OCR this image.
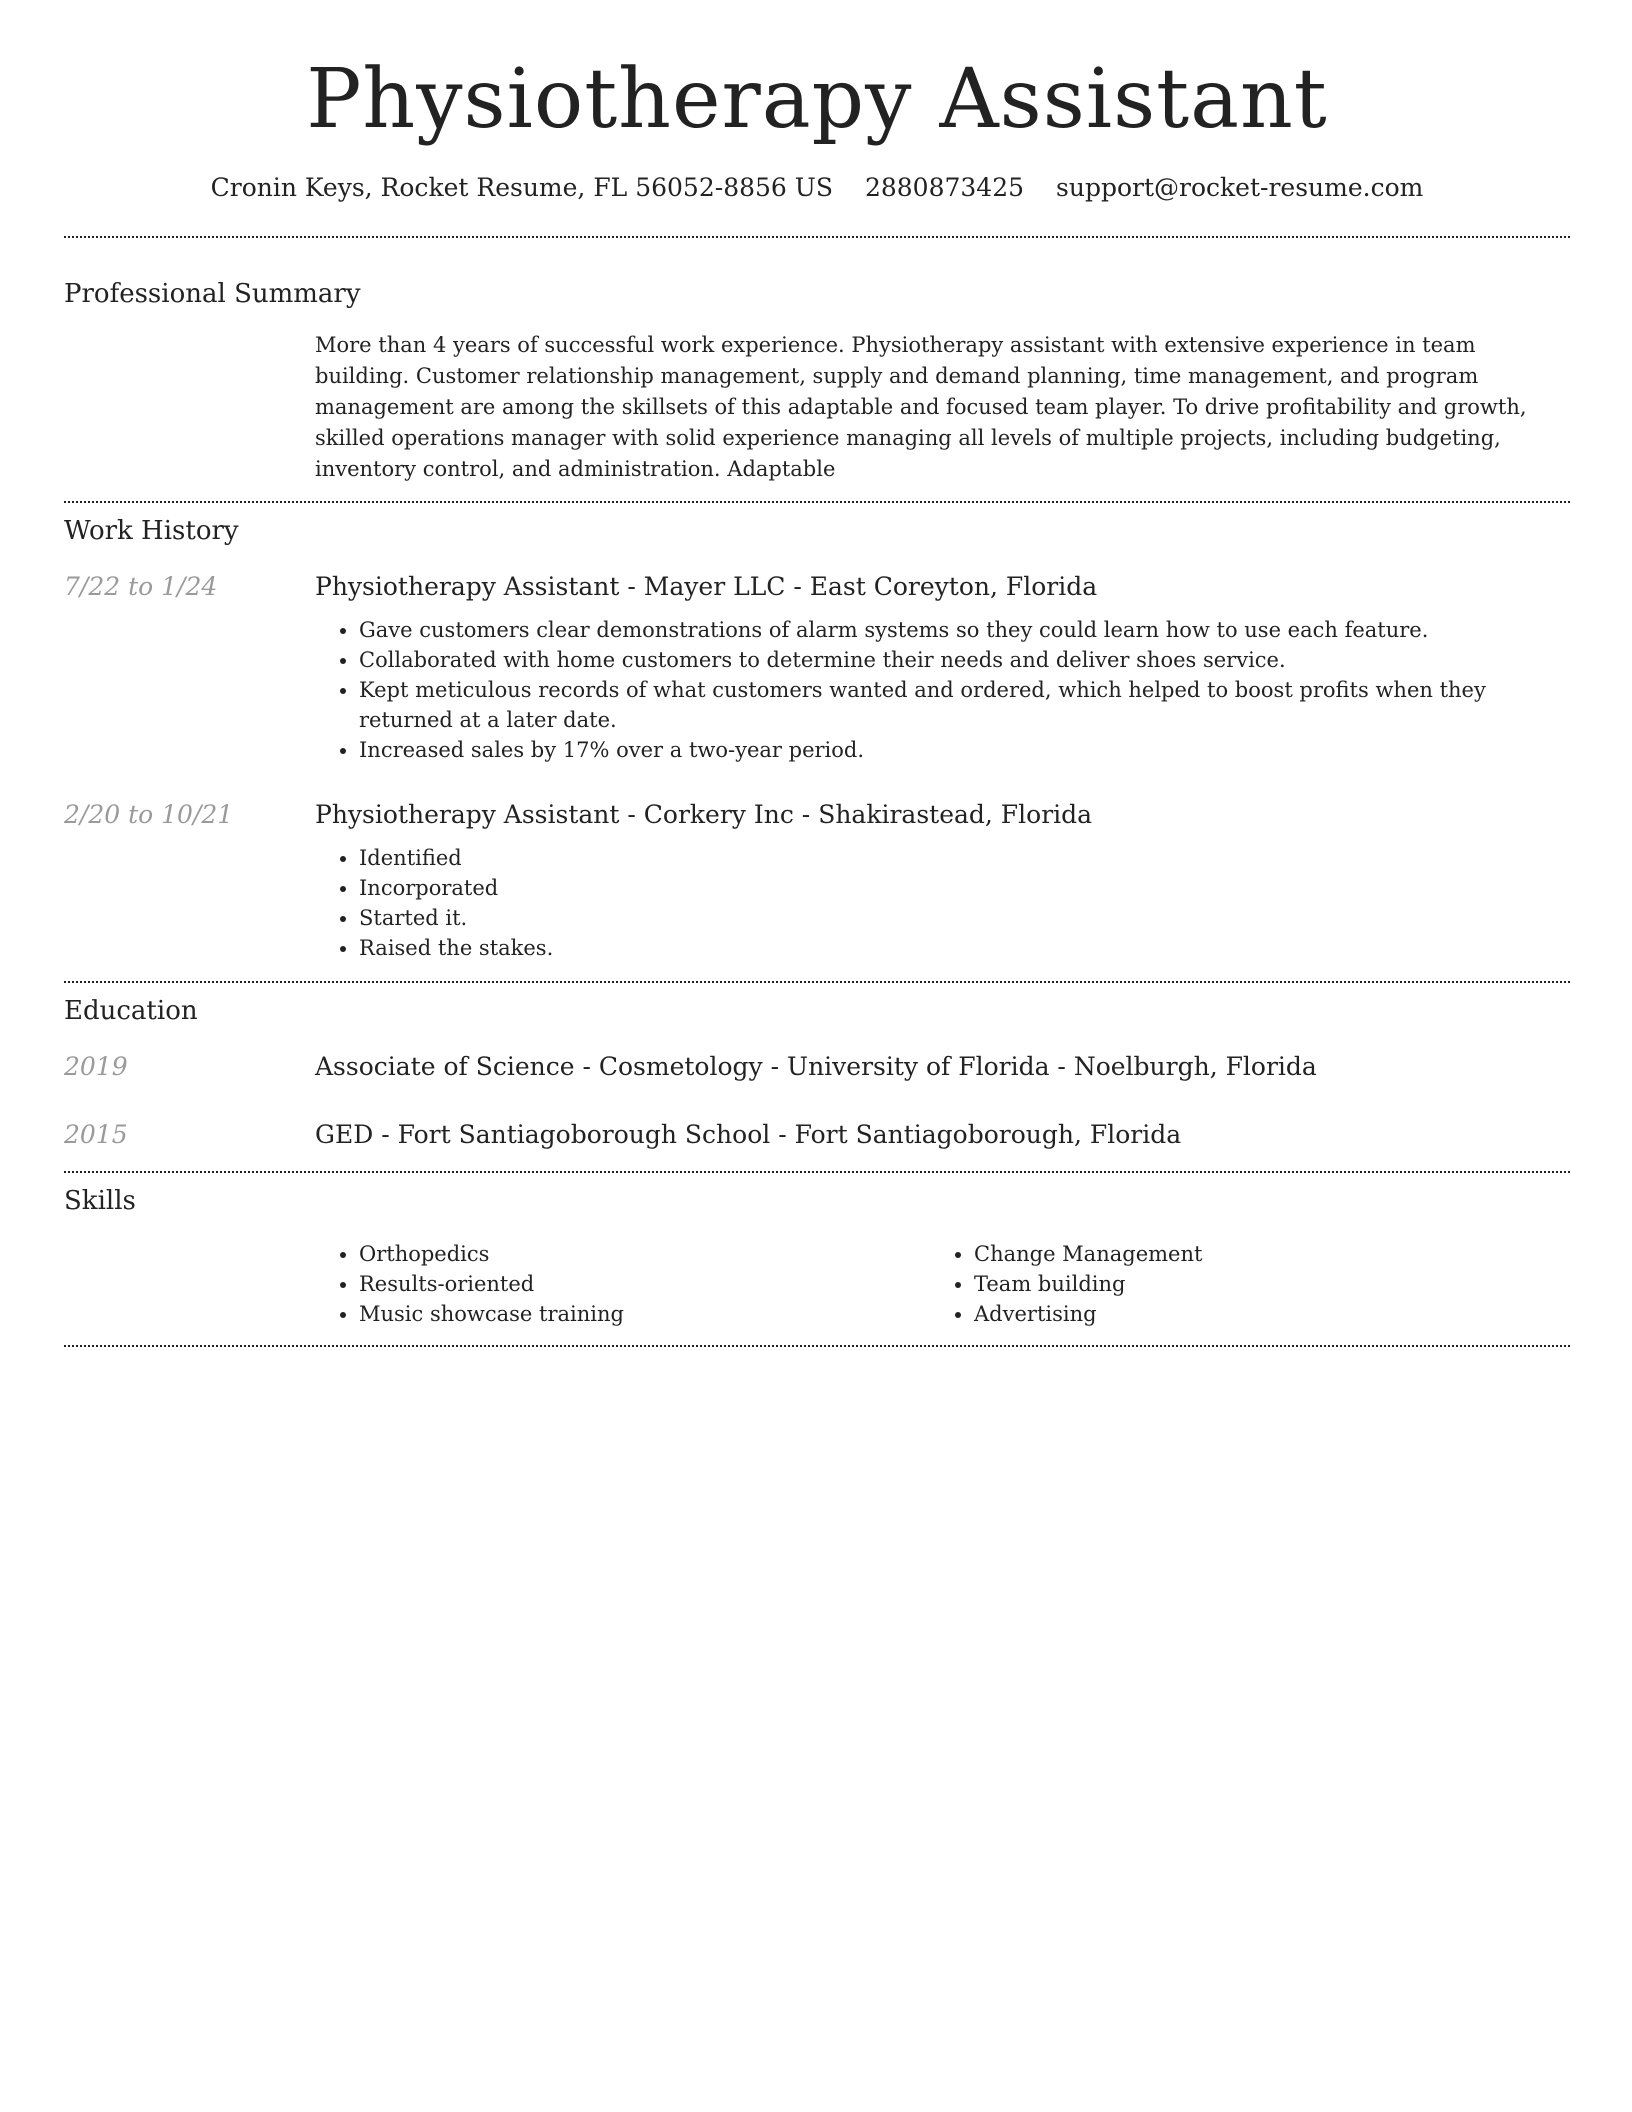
Physiotherapy Assistant
Cronin Keys, Rocket Resume, FL 56052-8856 US 2880873425 support@rocket-resume.com
Professional Summary

More than 4 years of successful work experience. Physiotherapy assistant with extensive experience in team building. Customer relationship management, supply and demand planning, time management, and program management are among the skillsets of this adaptable and focused team player. To drive profitability and growth, skilled operations manager with solid experience managing all levels of multiple projects, including budgeting, inventory control, and administration. Adaptable

Work History
7/22 to 1/24	Physiotherapy Assistant - Mayer LLC - East Coreyton, Florida

• Gave customers clear demonstrations of alarm systems so they could learn how to use each feature.
• Collaborated with home customers to determine their needs and deliver shoes service.
• Kept meticulous records of what customers wanted and ordered, which helped to boost profits when they returned at a later date.
• Increased sales by 17% over a two-year period.
2/20 to 10/21	Physiotherapy Assistant - Corkery Inc - Shakirastead, Florida

• Identified
• Incorporated
• Started it.
• Raised the stakes.
Education
2019	Associate of Science - Cosmetology - University of Florida - Noelburgh, Florida

2015	GED - Fort Santiagoborough School - Fort Santiagoborough, Florida

Skills
• Orthopedics
• Results-oriented
• Music showcase training
• Change Management
• Team building
• Advertising
